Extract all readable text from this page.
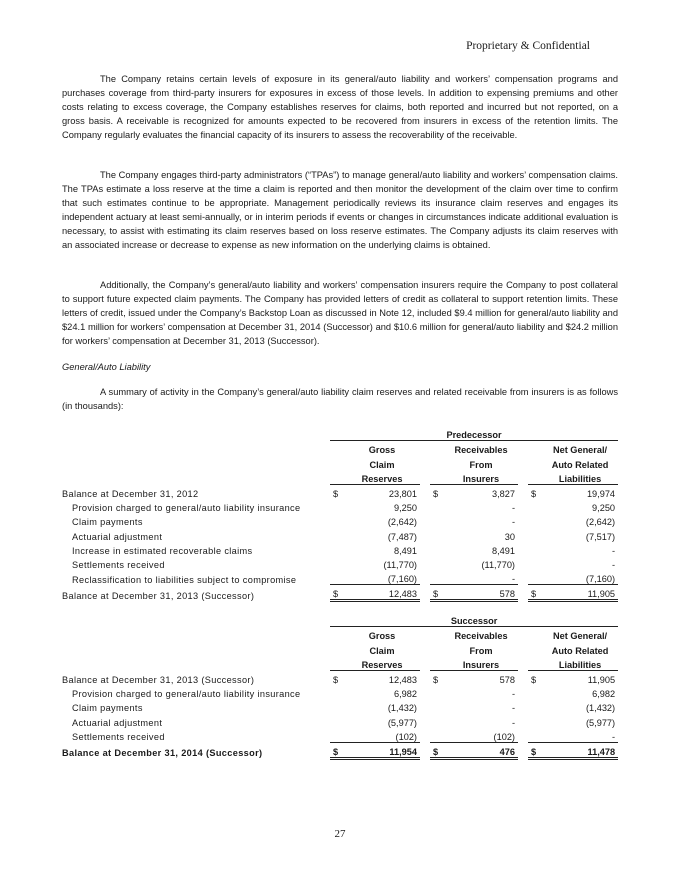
Proprietary & Confidential
The Company retains certain levels of exposure in its general/auto liability and workers’ compensation programs and purchases coverage from third-party insurers for exposures in excess of those levels. In addition to expensing premiums and other costs relating to excess coverage, the Company establishes reserves for claims, both reported and incurred but not reported, on a gross basis. A receivable is recognized for amounts expected to be recovered from insurers in excess of the retention limits. The Company regularly evaluates the financial capacity of its insurers to assess the recoverability of the receivable.
The Company engages third-party administrators (“TPAs”) to manage general/auto liability and workers’ compensation claims. The TPAs estimate a loss reserve at the time a claim is reported and then monitor the development of the claim over time to confirm that such estimates continue to be appropriate. Management periodically reviews its insurance claim reserves and engages its independent actuary at least semi-annually, or in interim periods if events or changes in circumstances indicate additional evaluation is necessary, to assist with estimating its claim reserves based on loss reserve estimates. The Company adjusts its claim reserves with an associated increase or decrease to expense as new information on the underlying claims is obtained.
Additionally, the Company’s general/auto liability and workers’ compensation insurers require the Company to post collateral to support future expected claim payments. The Company has provided letters of credit as collateral to support retention limits. These letters of credit, issued under the Company’s Backstop Loan as discussed in Note 12, included $9.4 million for general/auto liability and $24.1 million for workers’ compensation at December 31, 2014 (Successor) and $10.6 million for general/auto liability and $24.2 million for workers’ compensation at December 31, 2013 (Successor).
General/Auto Liability
A summary of activity in the Company’s general/auto liability claim reserves and related receivable from insurers is as follows (in thousands):
	Predecessor							
		Gross			Receivables			Net General/
		Claim			From			Auto Related
		Reserves			Insurers			Liabilities
Balance at December 31, 2012	$	23,801		$	3,827		$	19,974
Provision charged to general/auto liability insurance		9,250			-			9,250
Claim payments		(2,642)			-			(2,642)
Actuarial adjustment		(7,487)			30			(7,517)
Increase in estimated recoverable claims		8,491			8,491			-
Settlements received		(11,770)			(11,770)			-
Reclassification to liabilities subject to compromise		(7,160)			-			(7,160)
Balance at December 31, 2013 (Successor)	$	12,483		$	578		$	11,905
	Successor							
		Gross			Receivables			Net General/
		Claim			From			Auto Related
		Reserves			Insurers			Liabilities
Balance at December 31, 2013 (Successor)	$	12,483		$	578		$	11,905
Provision charged to general/auto liability insurance		6,982			-			6,982
Claim payments		(1,432)			-			(1,432)
Actuarial adjustment		(5,977)			-			(5,977)
Settlements received		(102)			(102)			-
Balance at December 31, 2014 (Successor)	$	11,954		$	476		$	11,478
27
